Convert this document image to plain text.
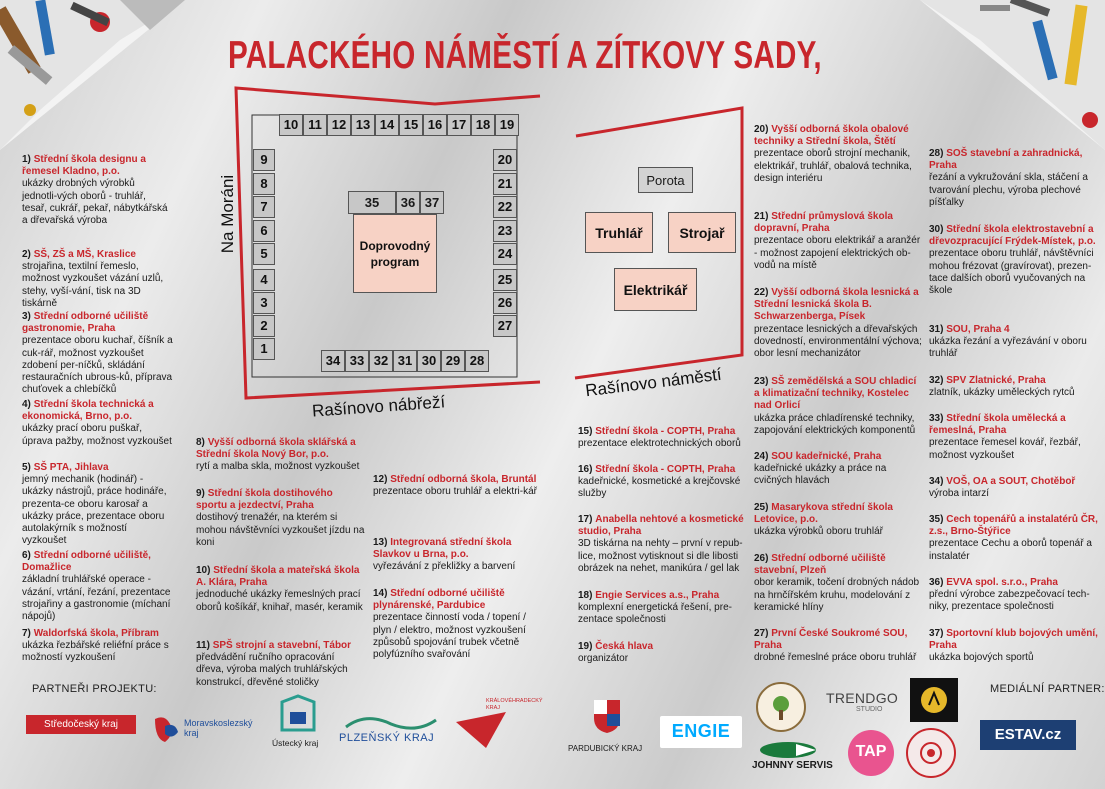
PALACKÉHO NÁMĚSTÍ A ZÍTKOVY SADY,
Na Moráni
Rašínovo nábřeží
Rašínovo náměstí
1
2
3
4
5
6
7
8
9
10 11 12 13 14 15 16 17 18 19
20
21
22
23
24
25
26
27
28
29
30
31
32
33
34
35	36 37
Doprovodný program
Porota
Truhlář	Strojař
Elektrikář
1) Střední škola designu a řemesel Kladno, p.o.
ukázky drobných výrobků jednotli-vých oborů - truhlář, tesař, cukrář, pekař, nábytkářská a dřevařská výroba
2) SŠ, ZŠ a MŠ, Kraslice
strojařina, textilní řemeslo, možnost vyzkoušet vázání uzlů, stehy, vyší-vání, tisk na 3D tiskárně
3) Střední odborné učiliště gastronomie, Praha
prezentace oboru kuchař, číšník a cuk-rář, možnost vyzkoušet zdobení per-níčků, skládání restauračních ubrous-ků, příprava chuťovek a chlebíčků
4) Střední škola technická a ekonomická, Brno, p.o.
ukázky prací oboru puškař, úprava pažby, možnost vyzkoušet
5) SŠ PTA, Jihlava
jemný mechanik (hodinář) - ukázky nástrojů, práce hodináře, prezenta-ce oboru karosař a ukázky práce, prezentace oboru autolakýrník s možností vyzkoušet
6) Střední odborné učiliště, Domažlice
základní truhlářské operace - vázání, vrtání, řezání, prezentace strojařiny a gastronomie (míchaní nápojů)
7) Waldorfská škola, Příbram
ukázka řezbářské reliéfní práce s možností vyzkoušení
8) Vyšší odborná škola sklářská a Střední škola Nový Bor, p.o.
rytí a malba skla, možnost vyzkoušet
9) Střední škola dostihového sportu a jezdectví, Praha
dostihový trenažér, na kterém si mohou návštěvníci vyzkoušet jízdu na koni
10) Střední škola a mateřská škola A. Klára, Praha
jednoduché ukázky řemeslných prací oborů košíkář, knihař, masér, keramik
11) SPŠ strojní a stavební, Tábor
předvádění ručního opracování dřeva, výroba malých truhlářských konstrukcí, dřevěné stoličky
12) Střední odborná škola, Bruntál
prezentace oboru truhlář a elektri-kář
13) Integrovaná střední škola Slavkov u Brna, p.o.
vyřezávání z překližky a barvení
14) Střední odborné učiliště plynárenské, Pardubice
prezentace činností voda / topení / plyn / elektro, možnost vyzkoušení způsobů spojování trubek včetně polyfúzního svařování
15) Střední škola - COPTH, Praha
prezentace elektrotechnických oborů
16) Střední škola - COPTH, Praha
kadeřnické, kosmetické a krejčovské služby
17) Anabella nehtové a kosmetické studio, Praha
3D tiskárna na nehty – první v repub-lice, možnost vytisknout si dle libosti obrázek na nehet, manikúra / gel lak
18) Engie Services a.s., Praha
komplexní energetická řešení, pre-zentace společnosti
19) Česká hlava
organizátor
20) Vyšší odborná škola obalové techniky a Střední škola, Štětí
prezentace oborů strojní mechanik, elektrikář, truhlář, obalová technika, design interiéru
21) Střední průmyslová škola dopravní, Praha
prezentace oboru elektrikář a aranžér - možnost zapojení elektrických ob-vodů na místě
22) Vyšší odborná škola lesnická a Střední lesnická škola B. Schwarzenberga, Písek
prezentace lesnických a dřevařských dovedností, environmentální výchova; obor lesní mechanizátor
23) SŠ zemědělská a SOU chladicí a klimatizační techniky, Kostelec nad Orlicí
ukázka práce chladírenské techniky, zapojování elektrických komponentů
24) SOU kadeřnické, Praha
kadeřnické ukázky a práce na cvičných hlavách
25) Masarykova střední škola Letovice, p.o.
ukázka výrobků oboru truhlář
26) Střední odborné učiliště stavební, Plzeň
obor keramik, točení drobných nádob na hrnčířském kruhu, modelování z keramické hlíny
27) První České Soukromé SOU, Praha
drobné řemeslné práce oboru truhlář
28) SOŠ stavební a zahradnická, Praha
řezání a vykružování skla, stáčení a tvarování plechu, výroba plechové píšťalky
30) Střední škola elektrostavební a dřevozpracující Frýdek-Místek, p.o.
prezentace oboru truhlář, návštěvníci mohou frézovat (gravírovat), prezen-tace dalších oborů vyučovaných na škole
31) SOU, Praha 4
ukázka řezání a vyřezávání v oboru truhlář
32) SPV Zlatnické, Praha
zlatník, ukázky uměleckých rytců
33) Střední škola umělecká a řemeslná, Praha
prezentace řemesel kovář, řezbář, možnost vyzkoušet
34) VOŠ, OA a SOUT, Chotěboř
výroba intarzí
35) Cech topenářů a instalatérů ČR, z.s., Brno-Štýřice
prezentace Cechu a oborů topenář a instalatér
36) EVVA spol. s.r.o., Praha
přední výrobce zabezpečovací tech-niky, prezentace společnosti
37) Sportovní klub bojových umění, Praha
ukázka bojových sportů
PARTNEŘI PROJEKTU:	MEDIÁLNÍ PARTNER:
Středočeský kraj	Moravskoslezský
kraj
Ústecký kraj PLZEŇSKÝ KRAJ
KRÁLOVÉHRADECKÝ
KRAJ
PARDUBICKÝ KRAJ
ENGIE
JOHNNY SERVIS
TRENDGO
STUDIO
TAP
ESTAV.cz
